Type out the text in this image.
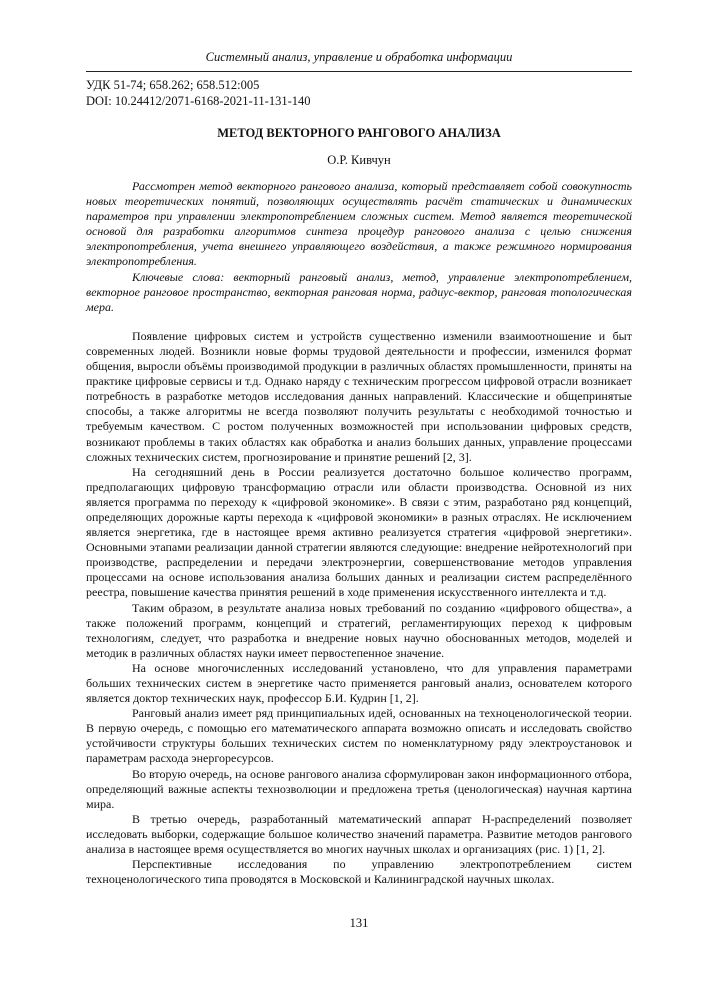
Системный анализ, управление и обработка информации
УДК 51-74; 658.262; 658.512:005
DOI: 10.24412/2071-6168-2021-11-131-140
МЕТОД ВЕКТОРНОГО РАНГОВОГО АНАЛИЗА
О.Р. Кивчун

Рассмотрен метод векторного рангового анализа, который представляет собой совокупность новых теоретических понятий, позволяющих осуществлять расчёт статических и динамических параметров при управлении электропотреблением сложных систем. Метод является теоретической основой для разработки алгоритмов синтеза процедур рангового анализа с целью снижения электропотребления, учета внешнего управляющего воздействия, а также режимного нормирования электропотребления.

Ключевые слова: векторный ранговый анализ, метод, управление электропотреблением, векторное ранговое пространство, векторная ранговая норма, радиус-вектор, ранговая топологическая мера.

Появление цифровых систем и устройств существенно изменили взаимоотношение и быт современных людей. Возникли новые формы трудовой деятельности и профессии, изменился формат общения, выросли объёмы производимой продукции в различных областях промышленности, приняты на практике цифровые сервисы и т.д. Однако наряду с техническим прогрессом цифровой отрасли возникает потребность в разработке методов исследования данных направлений. Классические и общепринятые способы, а также алгоритмы не всегда позволяют получить результаты с необходимой точностью и требуемым качеством. С ростом полученных возможностей при использовании цифровых средств, возникают проблемы в таких областях как обработка и анализ больших данных, управление процессами сложных технических систем, прогнозирование и принятие решений [2, 3].

На сегодняшний день в России реализуется достаточно большое количество программ, предполагающих цифровую трансформацию отрасли или области производства. Основной из них является программа по переходу к «цифровой экономике». В связи с этим, разработано ряд концепций, определяющих дорожные карты перехода к «цифровой экономики» в разных отраслях. Не исключением является энергетика, где в настоящее время активно реализуется стратегия «цифровой энергетики». Основными этапами реализации данной стратегии являются следующие: внедрение нейротехнологий при производстве, распределении и передачи электроэнергии, совершенствование методов управления процессами на основе использования анализа больших данных и реализации систем распределённого реестра, повышение качества принятия решений в ходе применения искусственного интеллекта и т.д.

Таким образом, в результате анализа новых требований по созданию «цифрового общества», а также положений программ, концепций и стратегий, регламентирующих переход к цифровым технологиям, следует, что разработка и внедрение новых научно обоснованных методов, моделей и методик в различных областях науки имеет первостепенное значение.

На основе многочисленных исследований установлено, что для управления параметрами больших технических систем в энергетике часто применяется ранговый анализ, основателем которого является доктор технических наук, профессор Б.И. Кудрин [1, 2].

Ранговый анализ имеет ряд принципиальных идей, основанных на техноценологической теории. В первую очередь, с помощью его математического аппарата возможно описать и исследовать свойство устойчивости структуры больших технических систем по номенклатурному ряду электроустановок и параметрам расхода энергоресурсов.

Во вторую очередь, на основе рангового анализа сформулирован закон информационного отбора, определяющий важные аспекты технозволюции и предложена третья (ценологическая) научная картина мира.

В третью очередь, разработанный математический аппарат Н-распределений позволяет исследовать выборки, содержащие большое количество значений параметра. Развитие методов рангового анализа в настоящее время осуществляется во многих научных школах и организациях (рис. 1) [1, 2].

Перспективные исследования по управлению электропотреблением систем техноценологического типа проводятся в Московской и Калининградской научных школах.

131
